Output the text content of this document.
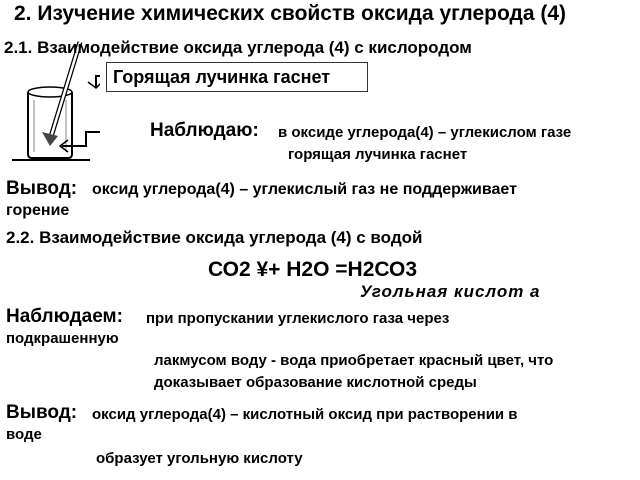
2. Изучение химических свойств оксида углерода (4)
2.1. Взаимодействие оксида углерода (4) с кислородом
Горящая лучинка гаснет
Наблюдаю: в оксиде углерода(4) – углекислом газе
горящая лучинка гаснет
Вывод: оксид углерода(4) – углекислый газ не поддерживает
горение
2.2. Взаимодействие оксида углерода (4) с водой
СО2 ¥+ Н2О =Н2СО3
Угольная кислот а
Наблюдаем: при пропускании углекислого газа через
подкрашенную
лакмусом воду - вода приобретает красный цвет, что
доказывает образование кислотной среды
Вывод: оксид углерода(4) – кислотный оксид при растворении в
воде
образует угольную кислоту
